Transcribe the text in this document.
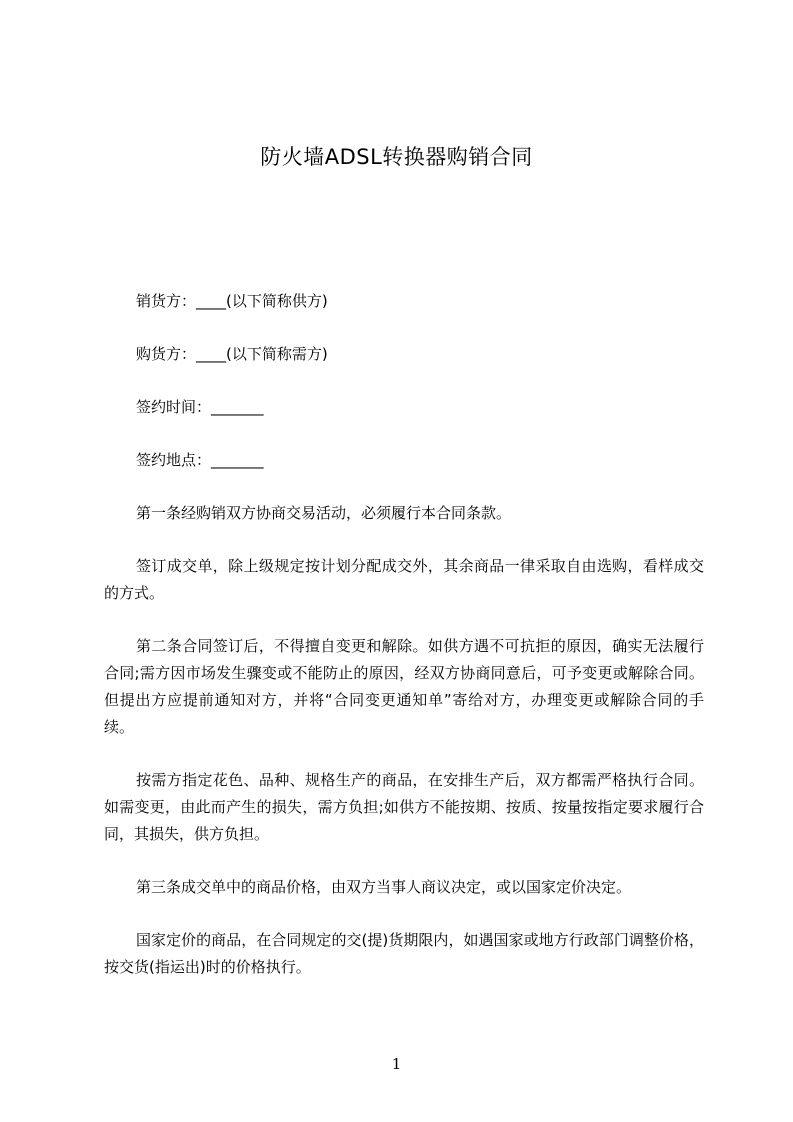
防火墙ADSL转换器购销合同
销货方：____(以下简称供方)
购货方：____(以下简称需方)
签约时间：_______
签约地点：_______

第一条经购销双方协商交易活动，必须履行本合同条款。

签订成交单，除上级规定按计划分配成交外，其余商品一律采取自由选购，看样成交的方式。

第二条合同签订后，不得擅自变更和解除。如供方遇不可抗拒的原因，确实无法履行合同;需方因市场发生骤变或不能防止的原因，经双方协商同意后，可予变更或解除合同。但提出方应提前通知对方，并将“合同变更通知单”寄给对方，办理变更或解除合同的手续。

按需方指定花色、品种、规格生产的商品，在安排生产后，双方都需严格执行合同。如需变更，由此而产生的损失，需方负担;如供方不能按期、按质、按量按指定要求履行合同，其损失，供方负担。

第三条成交单中的商品价格，由双方当事人商议决定，或以国家定价决定。

国家定价的商品，在合同规定的交(提)货期限内，如遇国家或地方行政部门调整价格，按交货(指运出)时的价格执行。

1
